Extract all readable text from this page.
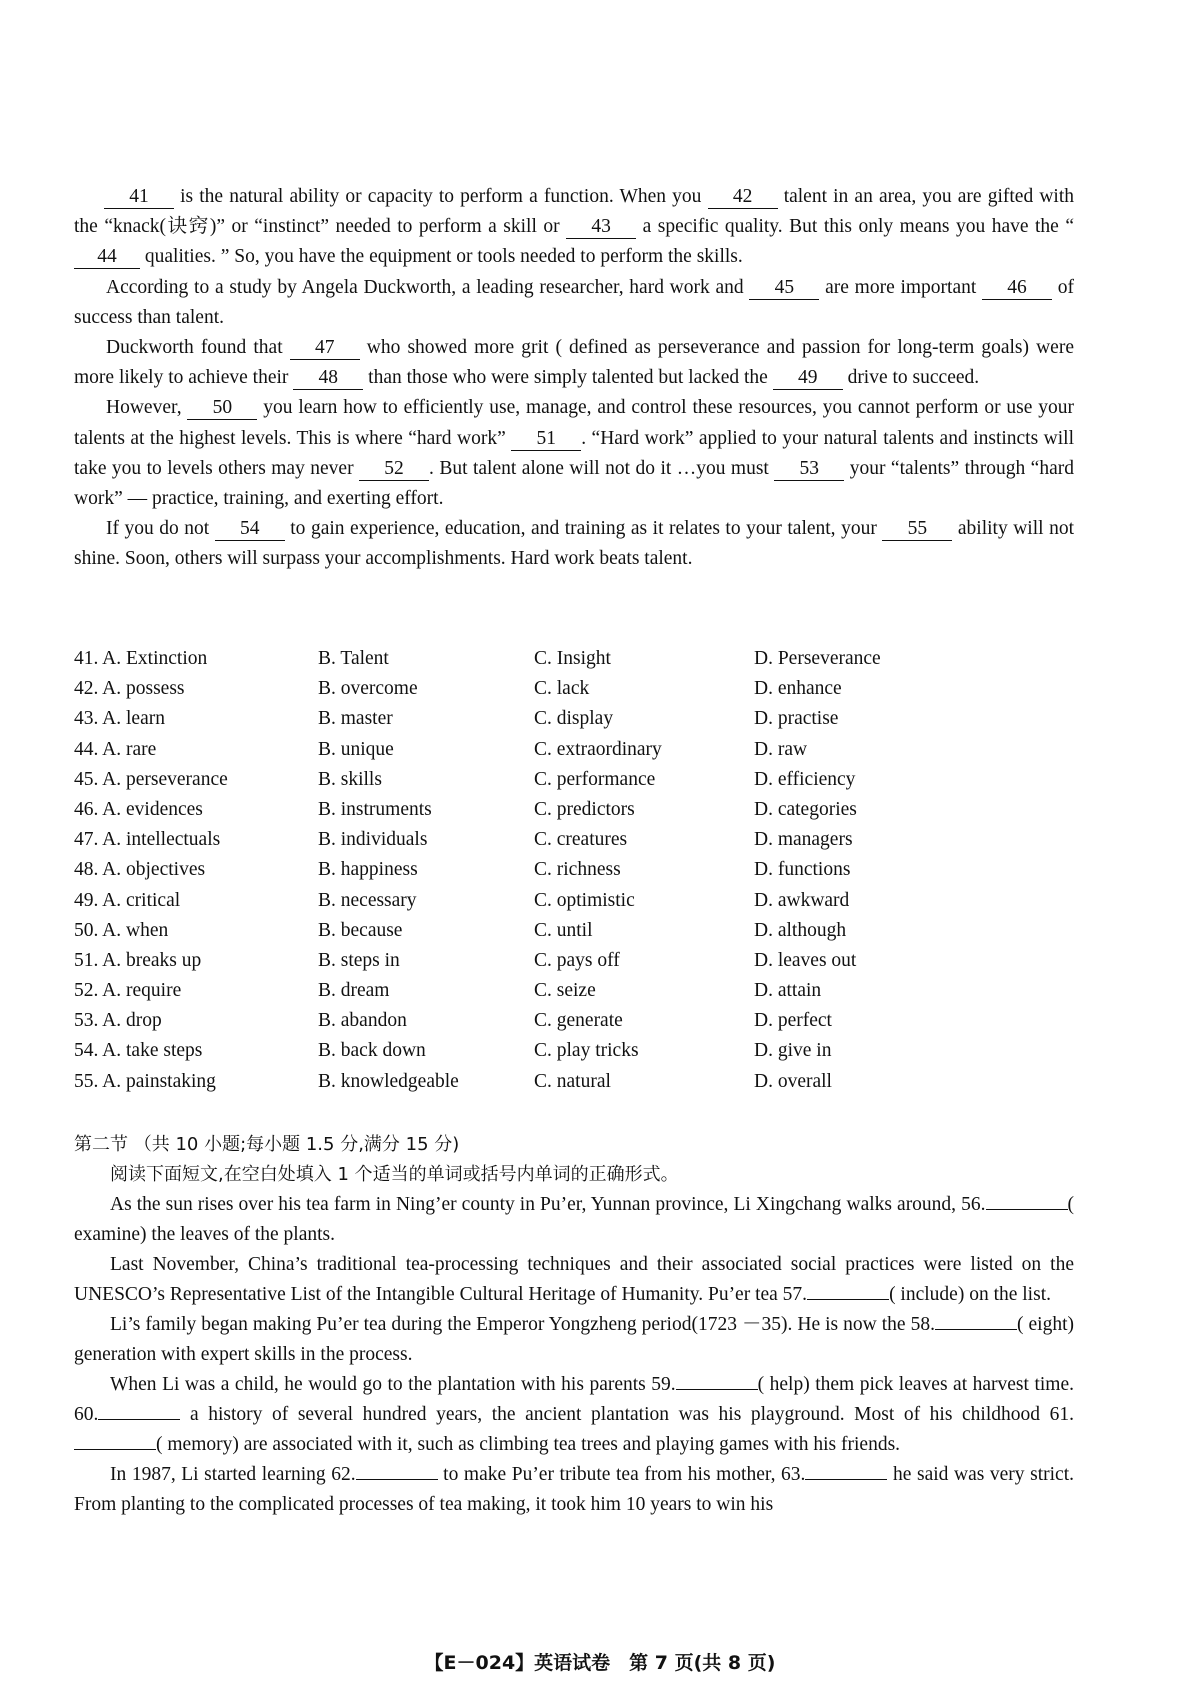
41 is the natural ability or capacity to perform a function. When you 42 talent in an area, you are gifted with the “knack(诀窍)” or “instinct” needed to perform a skill or 43 a specific quality. But this only means you have the “44 qualities. ” So, you have the equipment or tools needed to perform the skills.

According to a study by Angela Duckworth, a leading researcher, hard work and 45 are more important 46 of success than talent.

Duckworth found that 47 who showed more grit ( defined as perseverance and passion for long-term goals) were more likely to achieve their 48 than those who were simply talented but lacked the 49 drive to succeed.

However, 50 you learn how to efficiently use, manage, and control these resources, you cannot perform or use your talents at the highest levels. This is where “hard work” 51 . “Hard work” applied to your natural talents and instincts will take you to levels others may never 52 . But talent alone will not do it …you must 53 your “talents” through “hard work” — practice, training, and exerting effort.

If you do not 54 to gain experience, education, and training as it relates to your talent, your 55 ability will not shine. Soon, others will surpass your accomplishments. Hard work beats talent.

41. A. Extinction	B. Talent	C. Insight	D. Perseverance
42. A. possess	B. overcome	C. lack	D. enhance
43. A. learn	B. master	C. display	D. practise
44. A. rare	B. unique	C. extraordinary	D. raw
45. A. perseverance	B. skills	C. performance	D. efficiency
46. A. evidences	B. instruments	C. predictors	D. categories
47. A. intellectuals	B. individuals	C. creatures	D. managers
48. A. objectives	B. happiness	C. richness	D. functions
49. A. critical	B. necessary	C. optimistic	D. awkward
50. A. when	B. because	C. until	D. although
51. A. breaks up	B. steps in	C. pays off	D. leaves out
52. A. require	B. dream	C. seize	D. attain
53. A. drop	B. abandon	C. generate	D. perfect
54. A. take steps	B. back down	C. play tricks	D. give in
55. A. painstaking	B. knowledgeable	C. natural	D. overall

第二节 （共 10 小题;每小题 1.5 分,满分 15 分)

阅读下面短文,在空白处填入 1 个适当的单词或括号内单词的正确形式。

As the sun rises over his tea farm in Ning’er county in Pu’er, Yunnan province, Li Xingchang walks around, 56.	( examine) the leaves of the plants.

Last November, China’s traditional tea-processing techniques and their associated social practices were listed on the UNESCO’s Representative List of the Intangible Cultural Heritage of Humanity. Pu’er tea 57.	( include) on the list.

Li’s family began making Pu’er tea during the Emperor Yongzheng period(1723 －35). He is now the 58.	( eight) generation with expert skills in the process.

When Li was a child, he would go to the plantation with his parents 59.	( help) them pick leaves at harvest time. 60.	a history of several hundred years, the ancient plantation was his playground. Most of his childhood 61.( memory) are associated with it, such as climbing tea trees and playing games with his friends.

In 1987, Li started learning 62.	to make Pu’er tribute tea from his mother, 63.	he said was very strict. From planting to the complicated processes of tea making, it took him 10 years to win his

【E－024】英语试卷　第 7 页(共 8 页)
